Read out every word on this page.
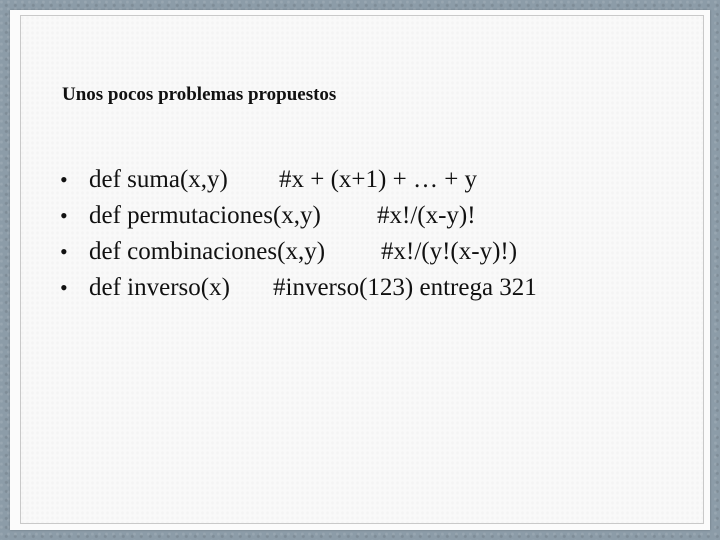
Unos pocos problemas propuestos
• def suma(x,y)	#x + (x+1) + … + y
• def permutaciones(x,y)	#x!/(x-y)!
• def combinaciones(x,y)	#x!/(y!(x-y)!)
• def inverso(x)	#inverso(123) entrega 321
